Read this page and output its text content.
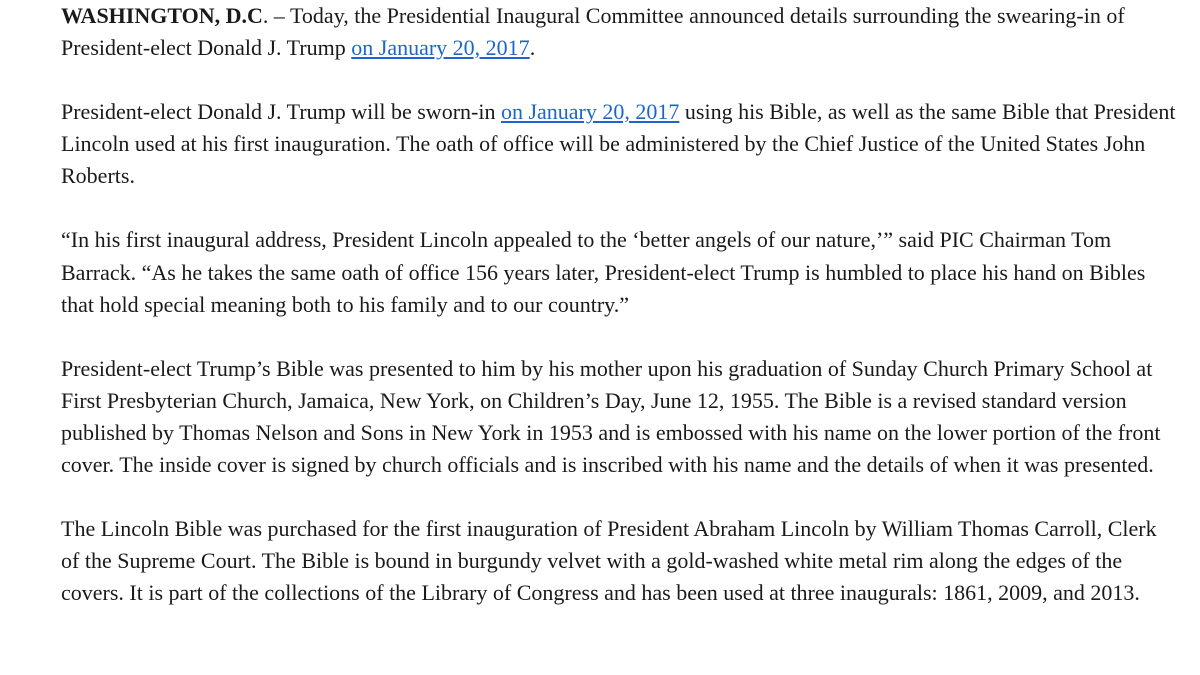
WASHINGTON, D.C. – Today, the Presidential Inaugural Committee announced details surrounding the swearing-in of President-elect Donald J. Trump on January 20, 2017.

President-elect Donald J. Trump will be sworn-in on January 20, 2017 using his Bible, as well as the same Bible that President Lincoln used at his first inauguration. The oath of office will be administered by the Chief Justice of the United States John Roberts.

“In his first inaugural address, President Lincoln appealed to the ‘better angels of our nature,’” said PIC Chairman Tom Barrack. “As he takes the same oath of office 156 years later, President-elect Trump is humbled to place his hand on Bibles that hold special meaning both to his family and to our country.”

President-elect Trump’s Bible was presented to him by his mother upon his graduation of Sunday Church Primary School at First Presbyterian Church, Jamaica, New York, on Children’s Day, June 12, 1955. The Bible is a revised standard version published by Thomas Nelson and Sons in New York in 1953 and is embossed with his name on the lower portion of the front cover. The inside cover is signed by church officials and is inscribed with his name and the details of when it was presented.

The Lincoln Bible was purchased for the first inauguration of President Abraham Lincoln by William Thomas Carroll, Clerk of the Supreme Court. The Bible is bound in burgundy velvet with a gold-washed white metal rim along the edges of the covers. It is part of the collections of the Library of Congress and has been used at three inaugurals: 1861, 2009, and 2013.
